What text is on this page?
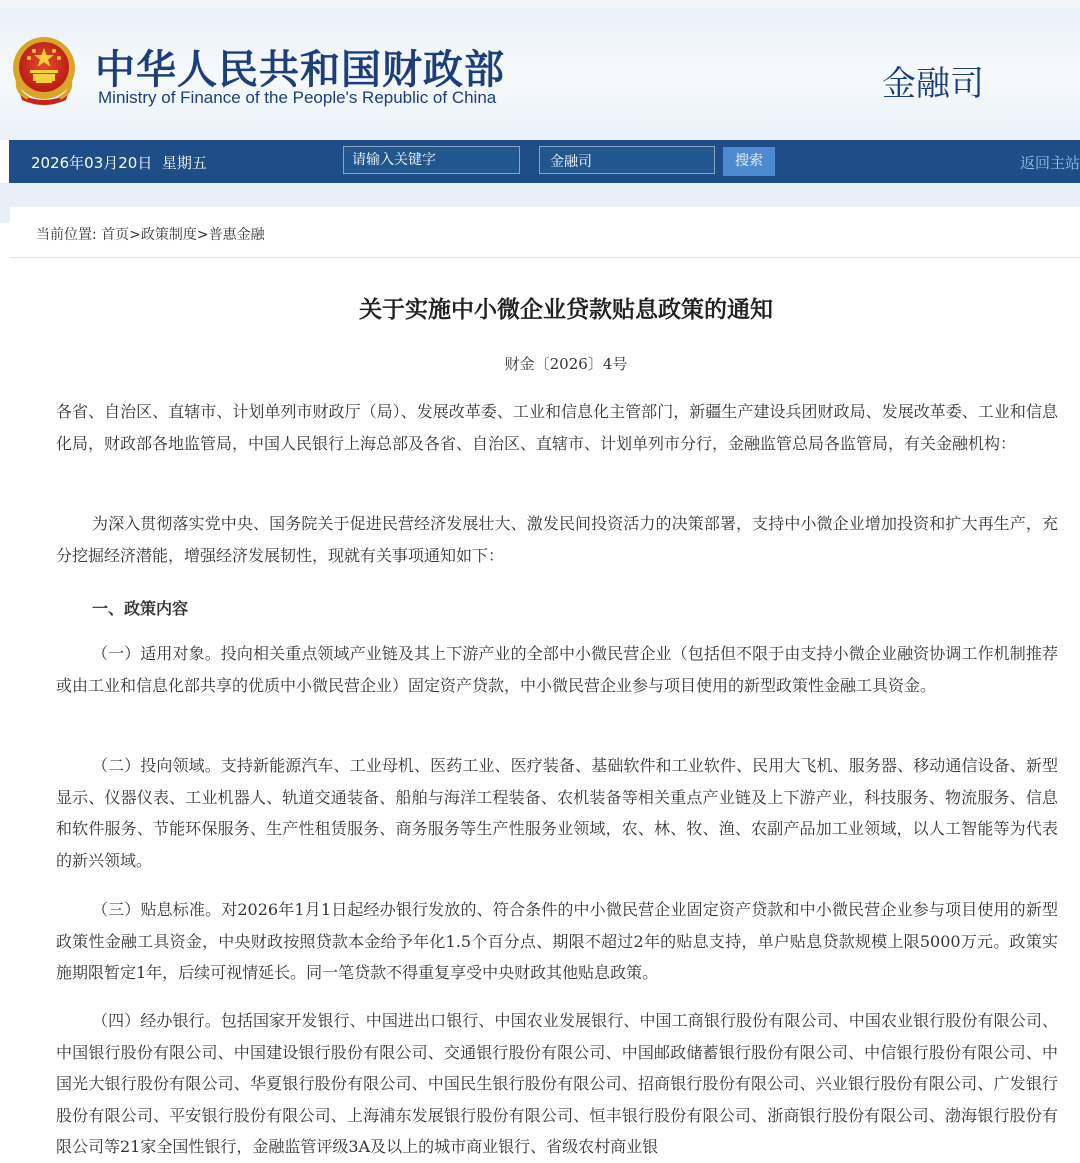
中华人民共和国财政部
Ministry of Finance of the People's Republic of China	金融司
2026年03月20日 星期五
请输入关键字	金融司	搜索	返回主站
当前位置: 首页>政策制度>普惠金融
关于实施中小微企业贷款贴息政策的通知
财金〔2026〕4号

各省、自治区、直辖市、计划单列市财政厅（局）、发展改革委、工业和信息化主管部门，新疆生产建设兵团财政局、发展改革委、工业和信息化局，财政部各地监管局，中国人民银行上海总部及各省、自治区、直辖市、计划单列市分行，金融监管总局各监管局，有关金融机构：

为深入贯彻落实党中央、国务院关于促进民营经济发展壮大、激发民间投资活力的决策部署，支持中小微企业增加投资和扩大再生产，充分挖掘经济潜能，增强经济发展韧性，现就有关事项通知如下：

一、政策内容

（一）适用对象。投向相关重点领域产业链及其上下游产业的全部中小微民营企业（包括但不限于由支持小微企业融资协调工作机制推荐或由工业和信息化部共享的优质中小微民营企业）固定资产贷款，中小微民营企业参与项目使用的新型政策性金融工具资金。

（二）投向领域。支持新能源汽车、工业母机、医药工业、医疗装备、基础软件和工业软件、民用大飞机、服务器、移动通信设备、新型显示、仪器仪表、工业机器人、轨道交通装备、船舶与海洋工程装备、农机装备等相关重点产业链及上下游产业，科技服务、物流服务、信息和软件服务、节能环保服务、生产性租赁服务、商务服务等生产性服务业领域，农、林、牧、渔、农副产品加工业领域，以人工智能等为代表的新兴领域。

（三）贴息标准。对2026年1月1日起经办银行发放的、符合条件的中小微民营企业固定资产贷款和中小微民营企业参与项目使用的新型政策性金融工具资金，中央财政按照贷款本金给予年化1.5个百分点、期限不超过2年的贴息支持，单户贴息贷款规模上限5000万元。政策实施期限暂定1年，后续可视情延长。同一笔贷款不得重复享受中央财政其他贴息政策。

（四）经办银行。包括国家开发银行、中国进出口银行、中国农业发展银行、中国工商银行股份有限公司、中国农业银行股份有限公司、中国银行股份有限公司、中国建设银行股份有限公司、交通银行股份有限公司、中国邮政储蓄银行股份有限公司、中信银行股份有限公司、中国光大银行股份有限公司、华夏银行股份有限公司、中国民生银行股份有限公司、招商银行股份有限公司、兴业银行股份有限公司、广发银行股份有限公司、平安银行股份有限公司、上海浦东发展银行股份有限公司、恒丰银行股份有限公司、浙商银行股份有限公司、渤海银行股份有限公司等21家全国性银行，金融监管评级3A及以上的城市商业银行、省级农村商业银
